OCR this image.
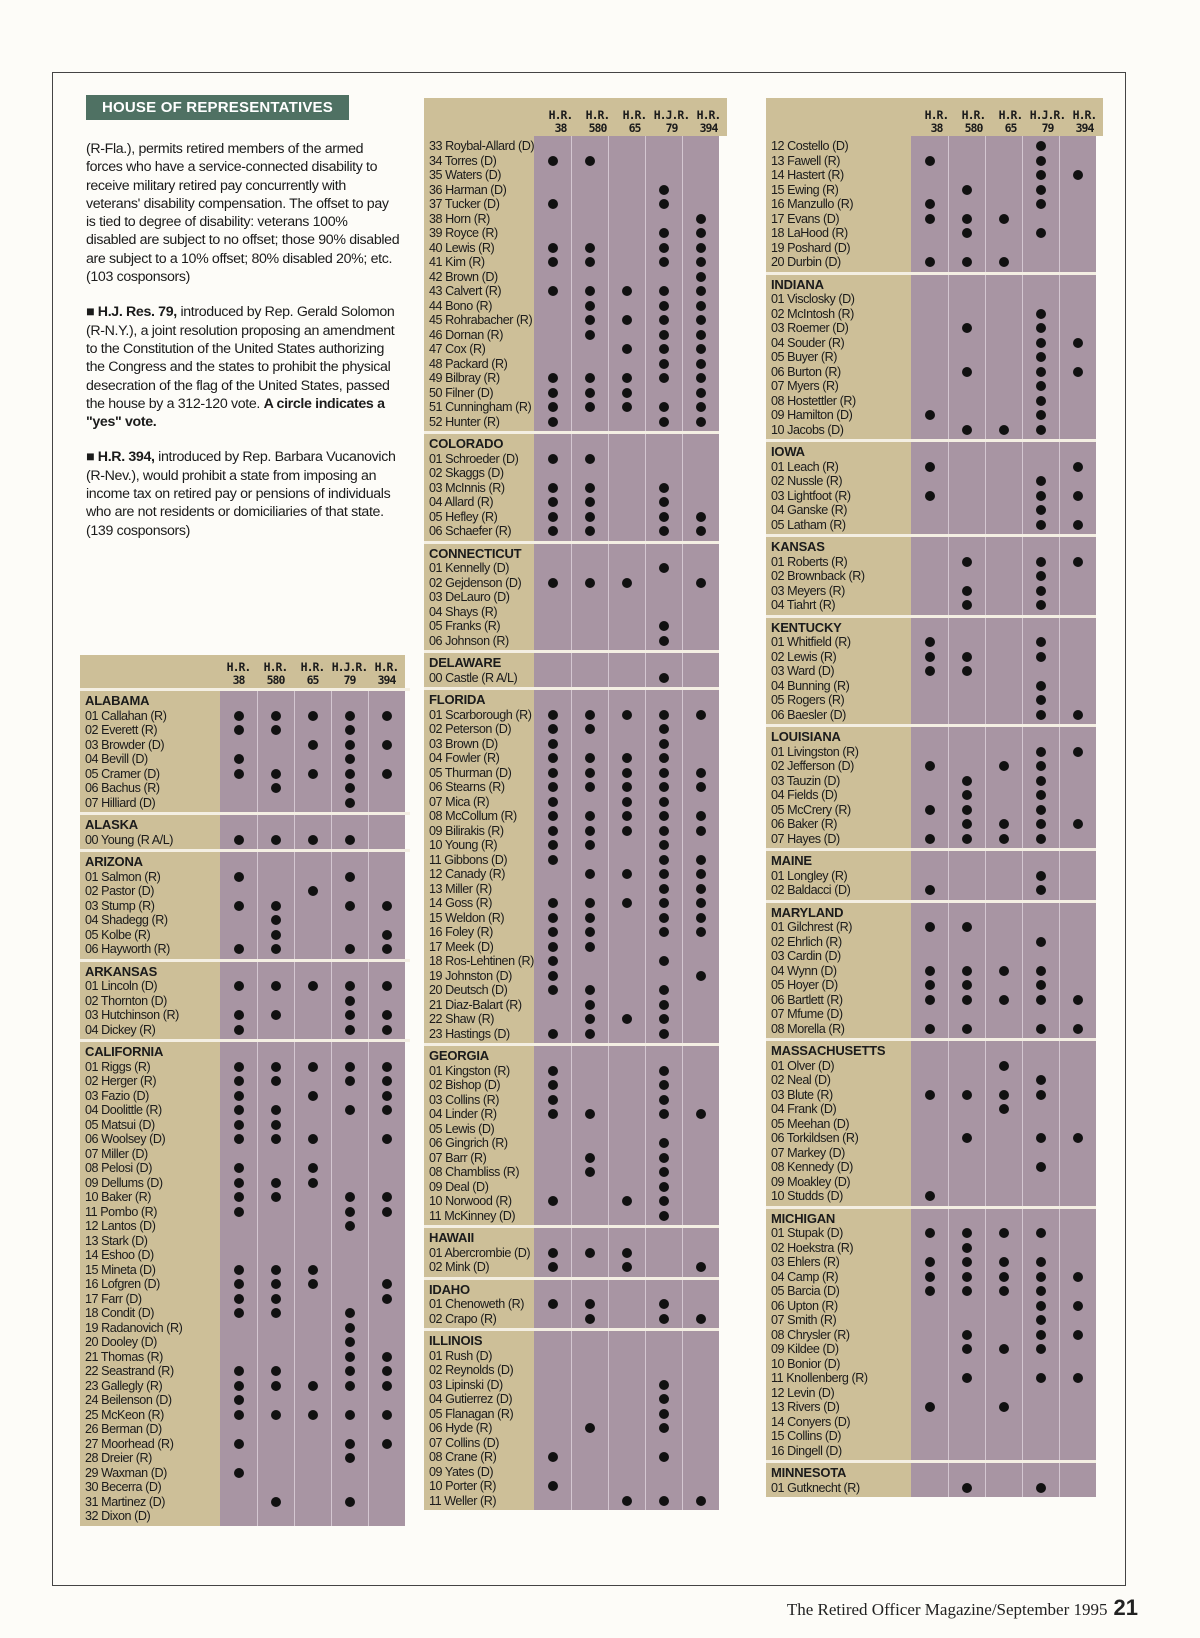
HOUSE OF REPRESENTATIVES

(R-Fla.), permits retired members of the armed forces who have a service-connected disability to receive military retired pay concurrently with veterans' disability compensation. The offset to pay is tied to degree of disability: veterans 100% disabled are subject to no offset; those 90% disabled are subject to a 10% offset; 80% disabled 20%; etc. (103 cosponsors)

■ H.J. Res. 79, introduced by Rep. Gerald Solomon (R-N.Y.), a joint resolution proposing an amendment to the Constitution of the United States authorizing the Congress and the states to prohibit the physical desecration of the flag of the United States, passed the house by a 312-120 vote. A circle indicates a "yes" vote.

■ H.R. 394, introduced by Rep. Barbara Vucanovich (R-Nev.), would prohibit a state from imposing an income tax on retired pay or pensions of individuals who are not residents or domiciliaries of that state. (139 cosponsors)

H.R.
38
H.R.
580
H.R.
65
H.J.R.
79
H.R.
394
ALABAMA
01 Callahan (R)
02 Everett (R)
03 Browder (D)
04 Bevill (D)
05 Cramer (D)
06 Bachus (R)
07 Hilliard (D)
ALASKA
00 Young (R A/L)
ARIZONA
01 Salmon (R)
02 Pastor (D)
03 Stump (R)
04 Shadegg (R)
05 Kolbe (R)
06 Hayworth (R)
ARKANSAS
01 Lincoln (D)
02 Thornton (D)
03 Hutchinson (R)
04 Dickey (R)
CALIFORNIA
01 Riggs (R)
02 Herger (R)
03 Fazio (D)
04 Doolittle (R)
05 Matsui (D)
06 Woolsey (D)
07 Miller (D)
08 Pelosi (D)
09 Dellums (D)
10 Baker (R)
11 Pombo (R)
12 Lantos (D)
13 Stark (D)
14 Eshoo (D)
15 Mineta (D)
16 Lofgren (D)
17 Farr (D)
18 Condit (D)
19 Radanovich (R)
20 Dooley (D)
21 Thomas (R)
22 Seastrand (R)
23 Gallegly (R)
24 Beilenson (D)
25 McKeon (R)
26 Berman (D)
27 Moorhead (R)
28 Dreier (R)
29 Waxman (D)
30 Becerra (D)
31 Martinez (D)
32 Dixon (D)
H.R.
38
H.R.
580
H.R.
65
H.J.R.
79
H.R.
394
33 Roybal-Allard (D)
34 Torres (D)
35 Waters (D)
36 Harman (D)
37 Tucker (D)
38 Horn (R)
39 Royce (R)
40 Lewis (R)
41 Kim (R)
42 Brown (D)
43 Calvert (R)
44 Bono (R)
45 Rohrabacher (R)
46 Dornan (R)
47 Cox (R)
48 Packard (R)
49 Bilbray (R)
50 Filner (D)
51 Cunningham (R)
52 Hunter (R)
COLORADO
01 Schroeder (D)
02 Skaggs (D)
03 McInnis (R)
04 Allard (R)
05 Hefley (R)
06 Schaefer (R)
CONNECTICUT
01 Kennelly (D)
02 Gejdenson (D)
03 DeLauro (D)
04 Shays (R)
05 Franks (R)
06 Johnson (R)
DELAWARE
00 Castle (R A/L)
FLORIDA
01 Scarborough (R)
02 Peterson (D)
03 Brown (D)
04 Fowler (R)
05 Thurman (D)
06 Stearns (R)
07 Mica (R)
08 McCollum (R)
09 Bilirakis (R)
10 Young (R)
11 Gibbons (D)
12 Canady (R)
13 Miller (R)
14 Goss (R)
15 Weldon (R)
16 Foley (R)
17 Meek (D)
18 Ros-Lehtinen (R)
19 Johnston (D)
20 Deutsch (D)
21 Diaz-Balart (R)
22 Shaw (R)
23 Hastings (D)
GEORGIA
01 Kingston (R)
02 Bishop (D)
03 Collins (R)
04 Linder (R)
05 Lewis (D)
06 Gingrich (R)
07 Barr (R)
08 Chambliss (R)
09 Deal (D)
10 Norwood (R)
11 McKinney (D)
HAWAII
01 Abercrombie (D)
02 Mink (D)
IDAHO
01 Chenoweth (R)
02 Crapo (R)
ILLINOIS
01 Rush (D)
02 Reynolds (D)
03 Lipinski (D)
04 Gutierrez (D)
05 Flanagan (R)
06 Hyde (R)
07 Collins (D)
08 Crane (R)
09 Yates (D)
10 Porter (R)
11 Weller (R)
H.R.
38
H.R.
580
H.R.
65
H.J.R.
79
H.R.
394
12 Costello (D)
13 Fawell (R)
14 Hastert (R)
15 Ewing (R)
16 Manzullo (R)
17 Evans (D)
18 LaHood (R)
19 Poshard (D)
20 Durbin (D)
INDIANA
01 Visclosky (D)
02 McIntosh (R)
03 Roemer (D)
04 Souder (R)
05 Buyer (R)
06 Burton (R)
07 Myers (R)
08 Hostettler (R)
09 Hamilton (D)
10 Jacobs (D)
IOWA
01 Leach (R)
02 Nussle (R)
03 Lightfoot (R)
04 Ganske (R)
05 Latham (R)
KANSAS
01 Roberts (R)
02 Brownback (R)
03 Meyers (R)
04 Tiahrt (R)
KENTUCKY
01 Whitfield (R)
02 Lewis (R)
03 Ward (D)
04 Bunning (R)
05 Rogers (R)
06 Baesler (D)
LOUISIANA
01 Livingston (R)
02 Jefferson (D)
03 Tauzin (D)
04 Fields (D)
05 McCrery (R)
06 Baker (R)
07 Hayes (D)
MAINE
01 Longley (R)
02 Baldacci (D)
MARYLAND
01 Gilchrest (R)
02 Ehrlich (R)
03 Cardin (D)
04 Wynn (D)
05 Hoyer (D)
06 Bartlett (R)
07 Mfume (D)
08 Morella (R)
MASSACHUSETTS
01 Olver (D)
02 Neal (D)
03 Blute (R)
04 Frank (D)
05 Meehan (D)
06 Torkildsen (R)
07 Markey (D)
08 Kennedy (D)
09 Moakley (D)
10 Studds (D)
MICHIGAN
01 Stupak (D)
02 Hoekstra (R)
03 Ehlers (R)
04 Camp (R)
05 Barcia (D)
06 Upton (R)
07 Smith (R)
08 Chrysler (R)
09 Kildee (D)
10 Bonior (D)
11 Knollenberg (R)
12 Levin (D)
13 Rivers (D)
14 Conyers (D)
15 Collins (D)
16 Dingell (D)
MINNESOTA
01 Gutknecht (R)
The Retired Officer Magazine/September 1995 21
